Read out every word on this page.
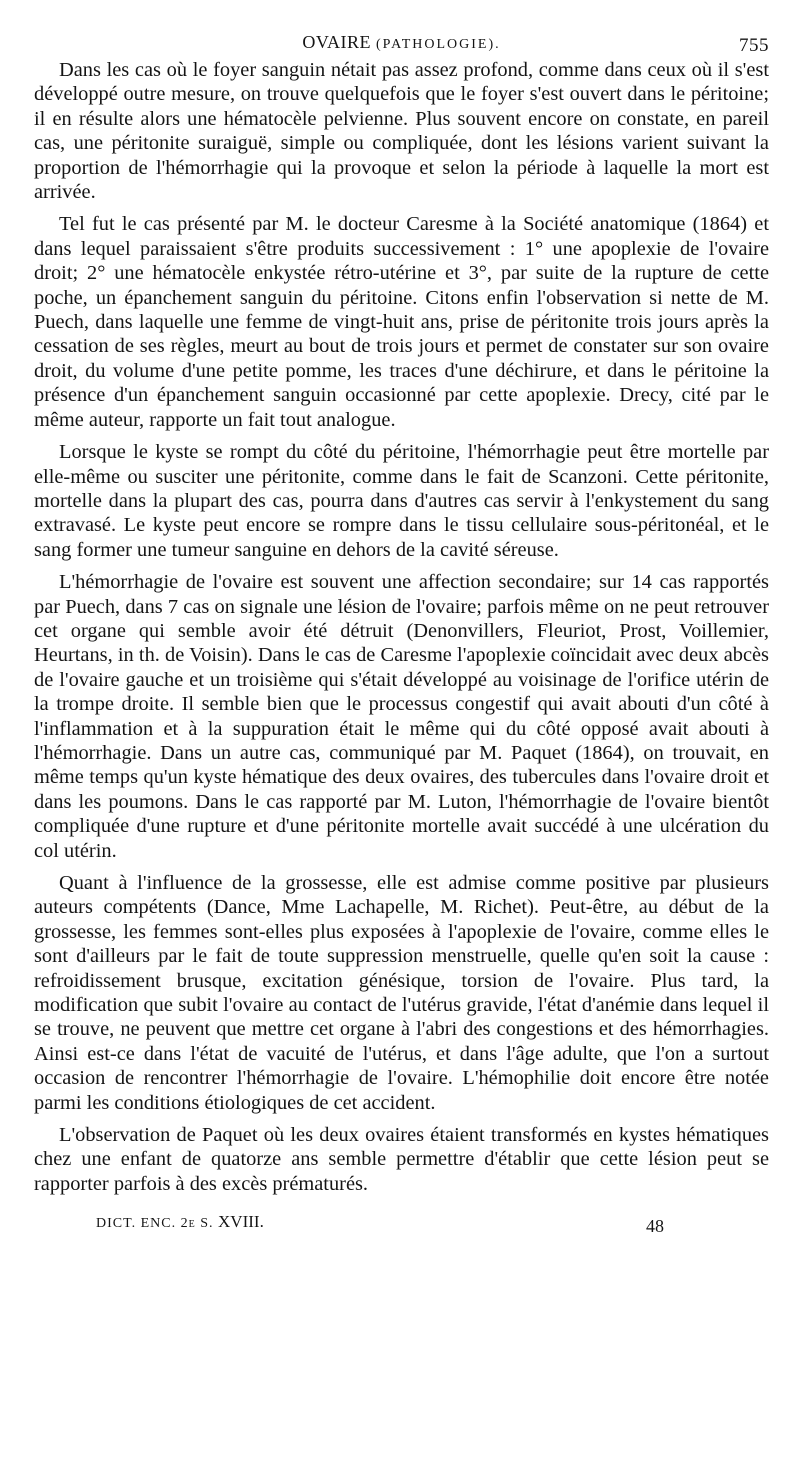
OVAIRE (PATHOLOGIE).	755

Dans les cas où le foyer sanguin nétait pas assez profond, comme dans ceux où il s'est développé outre mesure, on trouve quelquefois que le foyer s'est ouvert dans le péritoine; il en résulte alors une hématocèle pelvienne. Plus souvent encore on constate, en pareil cas, une péritonite suraiguë, simple ou compliquée, dont les lésions varient suivant la proportion de l'hémorrhagie qui la provoque et selon la période à laquelle la mort est arrivée.

Tel fut le cas présenté par M. le docteur Caresme à la Société anatomique (1864) et dans lequel paraissaient s'être produits successivement : 1° une apoplexie de l'ovaire droit; 2° une hématocèle enkystée rétro-utérine et 3°, par suite de la rupture de cette poche, un épanchement sanguin du péritoine. Citons enfin l'observation si nette de M. Puech, dans laquelle une femme de vingt-huit ans, prise de péritonite trois jours après la cessation de ses règles, meurt au bout de trois jours et permet de constater sur son ovaire droit, du volume d'une petite pomme, les traces d'une déchirure, et dans le péritoine la présence d'un épanchement sanguin occasionné par cette apoplexie. Drecy, cité par le même auteur, rapporte un fait tout analogue.

Lorsque le kyste se rompt du côté du péritoine, l'hémorrhagie peut être mortelle par elle-même ou susciter une péritonite, comme dans le fait de Scanzoni. Cette péritonite, mortelle dans la plupart des cas, pourra dans d'autres cas servir à l'enkystement du sang extravasé. Le kyste peut encore se rompre dans le tissu cellulaire sous-péritonéal, et le sang former une tumeur sanguine en dehors de la cavité séreuse.

L'hémorrhagie de l'ovaire est souvent une affection secondaire; sur 14 cas rapportés par Puech, dans 7 cas on signale une lésion de l'ovaire; parfois même on ne peut retrouver cet organe qui semble avoir été détruit (Denonvillers, Fleuriot, Prost, Voillemier, Heurtans, in th. de Voisin). Dans le cas de Caresme l'apoplexie coïncidait avec deux abcès de l'ovaire gauche et un troisième qui s'était développé au voisinage de l'orifice utérin de la trompe droite. Il semble bien que le processus congestif qui avait abouti d'un côté à l'inflammation et à la suppuration était le même qui du côté opposé avait abouti à l'hémorrhagie. Dans un autre cas, communiqué par M. Paquet (1864), on trouvait, en même temps qu'un kyste hématique des deux ovaires, des tubercules dans l'ovaire droit et dans les poumons. Dans le cas rapporté par M. Luton, l'hémorrhagie de l'ovaire bientôt compliquée d'une rupture et d'une péritonite mortelle avait succédé à une ulcération du col utérin.

Quant à l'influence de la grossesse, elle est admise comme positive par plusieurs auteurs compétents (Dance, Mme Lachapelle, M. Richet). Peut-être, au début de la grossesse, les femmes sont-elles plus exposées à l'apoplexie de l'ovaire, comme elles le sont d'ailleurs par le fait de toute suppression menstruelle, quelle qu'en soit la cause : refroidissement brusque, excitation génésique, torsion de l'ovaire. Plus tard, la modification que subit l'ovaire au contact de l'utérus gravide, l'état d'anémie dans lequel il se trouve, ne peuvent que mettre cet organe à l'abri des congestions et des hémorrhagies. Ainsi est-ce dans l'état de vacuité de l'utérus, et dans l'âge adulte, que l'on a surtout occasion de rencontrer l'hémorrhagie de l'ovaire. L'hémophilie doit encore être notée parmi les conditions étiologiques de cet accident.

L'observation de Paquet où les deux ovaires étaient transformés en kystes hématiques chez une enfant de quatorze ans semble permettre d'établir que cette lésion peut se rapporter parfois à des excès prématurés.

DICT. ENC. 2e S. XVIII.	48
